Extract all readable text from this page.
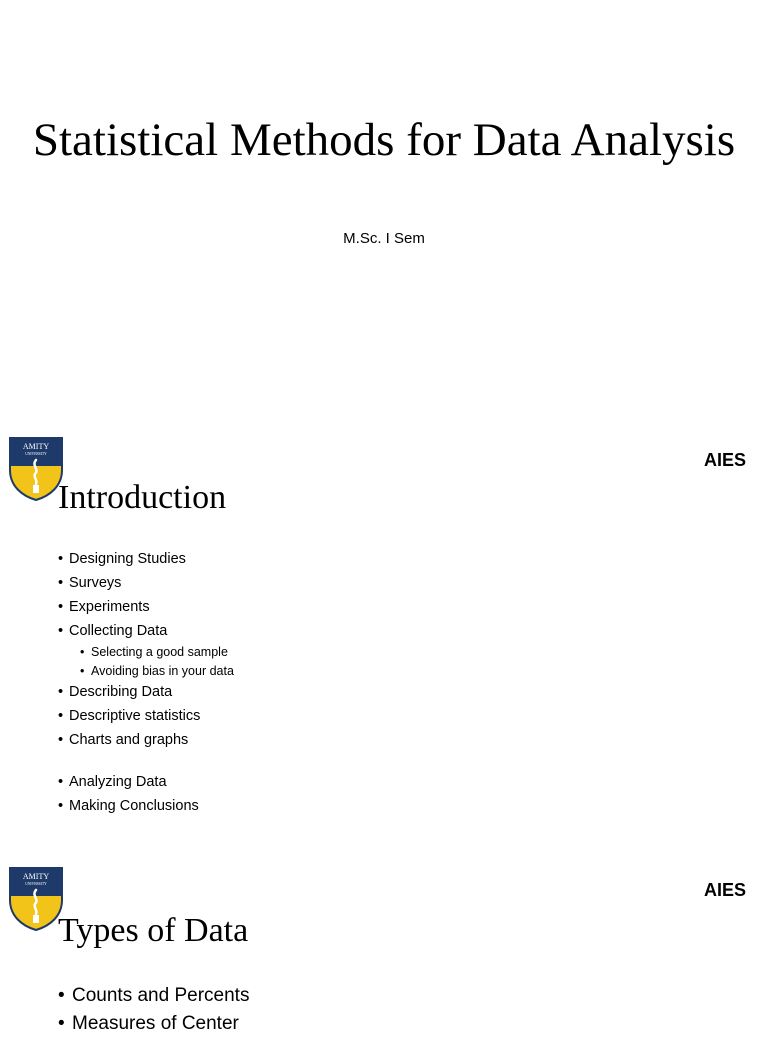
Statistical Methods for Data Analysis

M.Sc. I Sem

AMITY
UNIVERSITY	AIES
Introduction
• Designing Studies
• Surveys
• Experiments
• Collecting Data
• Selecting a good sample
• Avoiding bias in your data
• Describing Data
• Descriptive statistics
• Charts and graphs
• Analyzing Data
• Making Conclusions
AMITY
UNIVERSITY	AIES
Types of Data
• Counts and Percents
• Measures of Center
